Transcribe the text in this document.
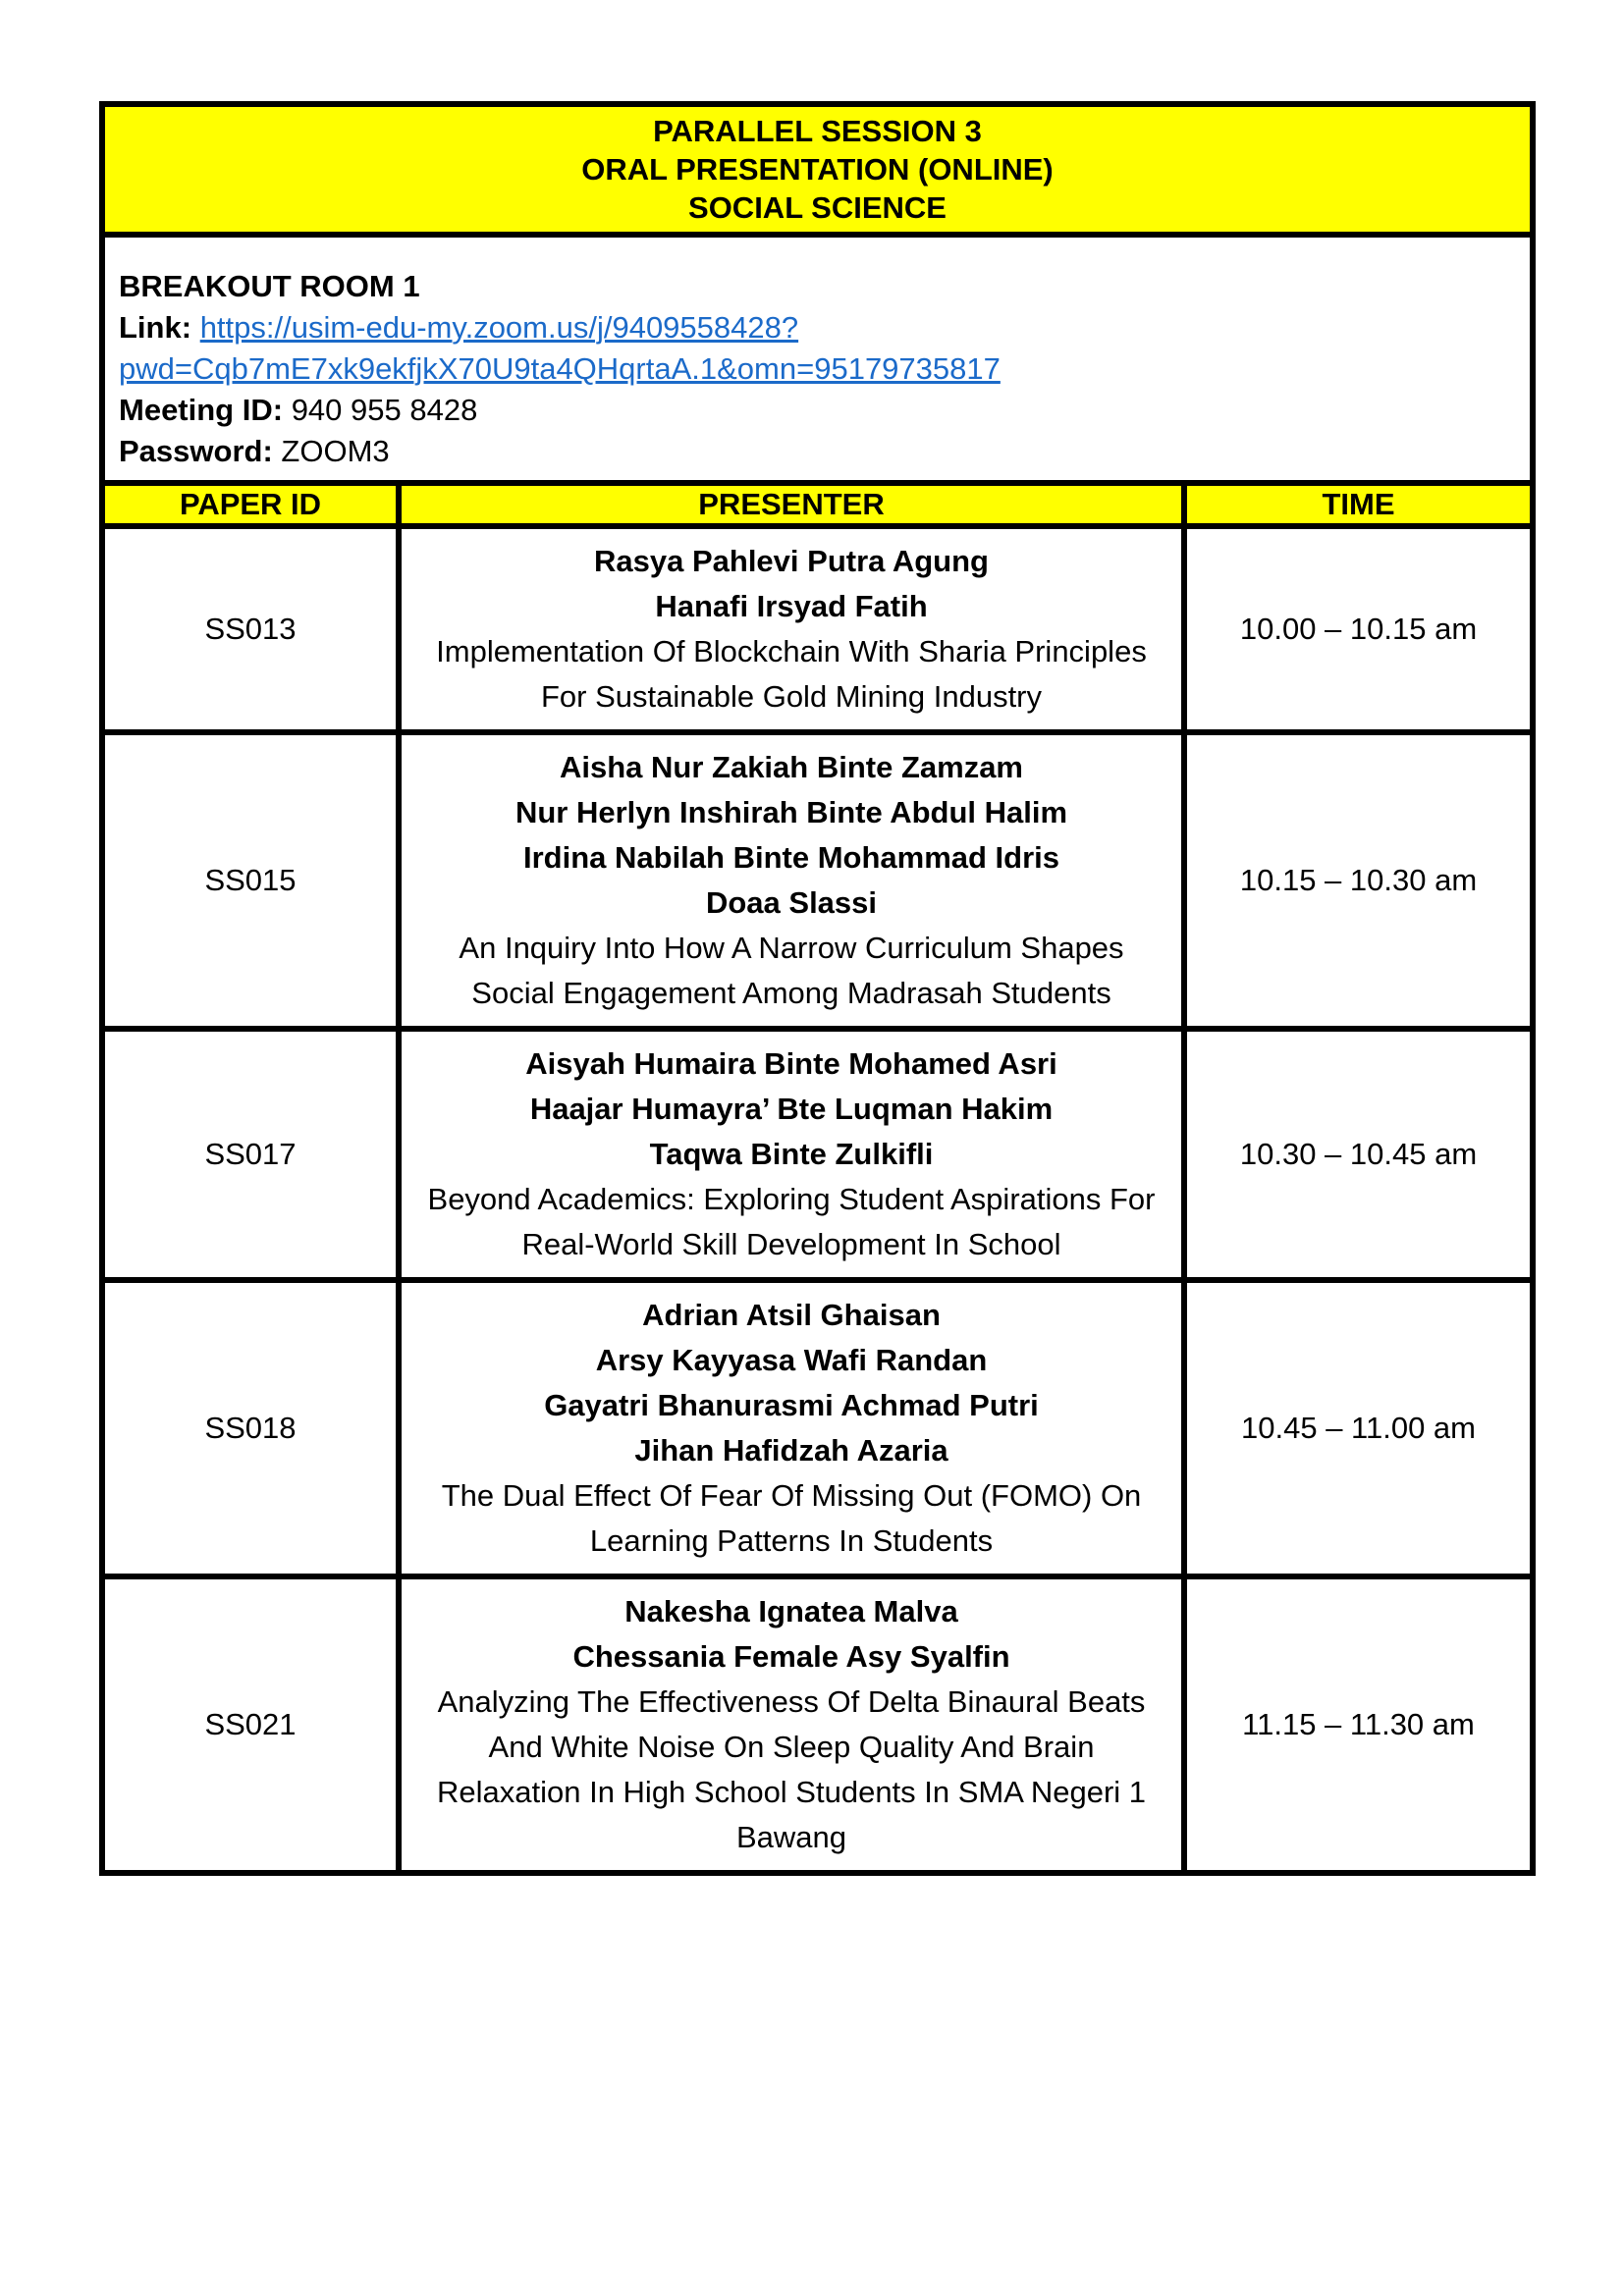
PARALLEL SESSION 3
ORAL PRESENTATION (ONLINE)
SOCIAL SCIENCE		

BREAKOUT ROOM 1
Link: https://usim-edu-my.zoom.us/j/9409558428?pwd=Cqb7mE7xk9ekfjkX70U9ta4QHqrtaA.1&omn=95179735817
Meeting ID: 940 955 8428
Password: ZOOM3		

PAPER ID	PRESENTER	TIME
SS013	Rasya Pahlevi Putra Agung
Hanafi Irsyad Fatih
Implementation Of Blockchain With Sharia Principles For Sustainable Gold Mining Industry	10.00 – 10.15 am
SS015	Aisha Nur Zakiah Binte Zamzam
Nur Herlyn Inshirah Binte Abdul Halim
Irdina Nabilah Binte Mohammad Idris
Doaa Slassi
An Inquiry Into How A Narrow Curriculum Shapes Social Engagement Among Madrasah Students	10.15 – 10.30 am
SS017	Aisyah Humaira Binte Mohamed Asri
Haajar Humayra’ Bte Luqman Hakim
Taqwa Binte Zulkifli
Beyond Academics: Exploring Student Aspirations For Real-World Skill Development In School	10.30 – 10.45 am
SS018	Adrian Atsil Ghaisan
Arsy Kayyasa Wafi Randan
Gayatri Bhanurasmi Achmad Putri
Jihan Hafidzah Azaria
The Dual Effect Of Fear Of Missing Out (FOMO) On Learning Patterns In Students	10.45 – 11.00 am
SS021	Nakesha Ignatea Malva
Chessania Female Asy Syalfin
Analyzing The Effectiveness Of Delta Binaural Beats And White Noise On Sleep Quality And Brain Relaxation In High School Students In SMA Negeri 1 Bawang	11.15 – 11.30 am
